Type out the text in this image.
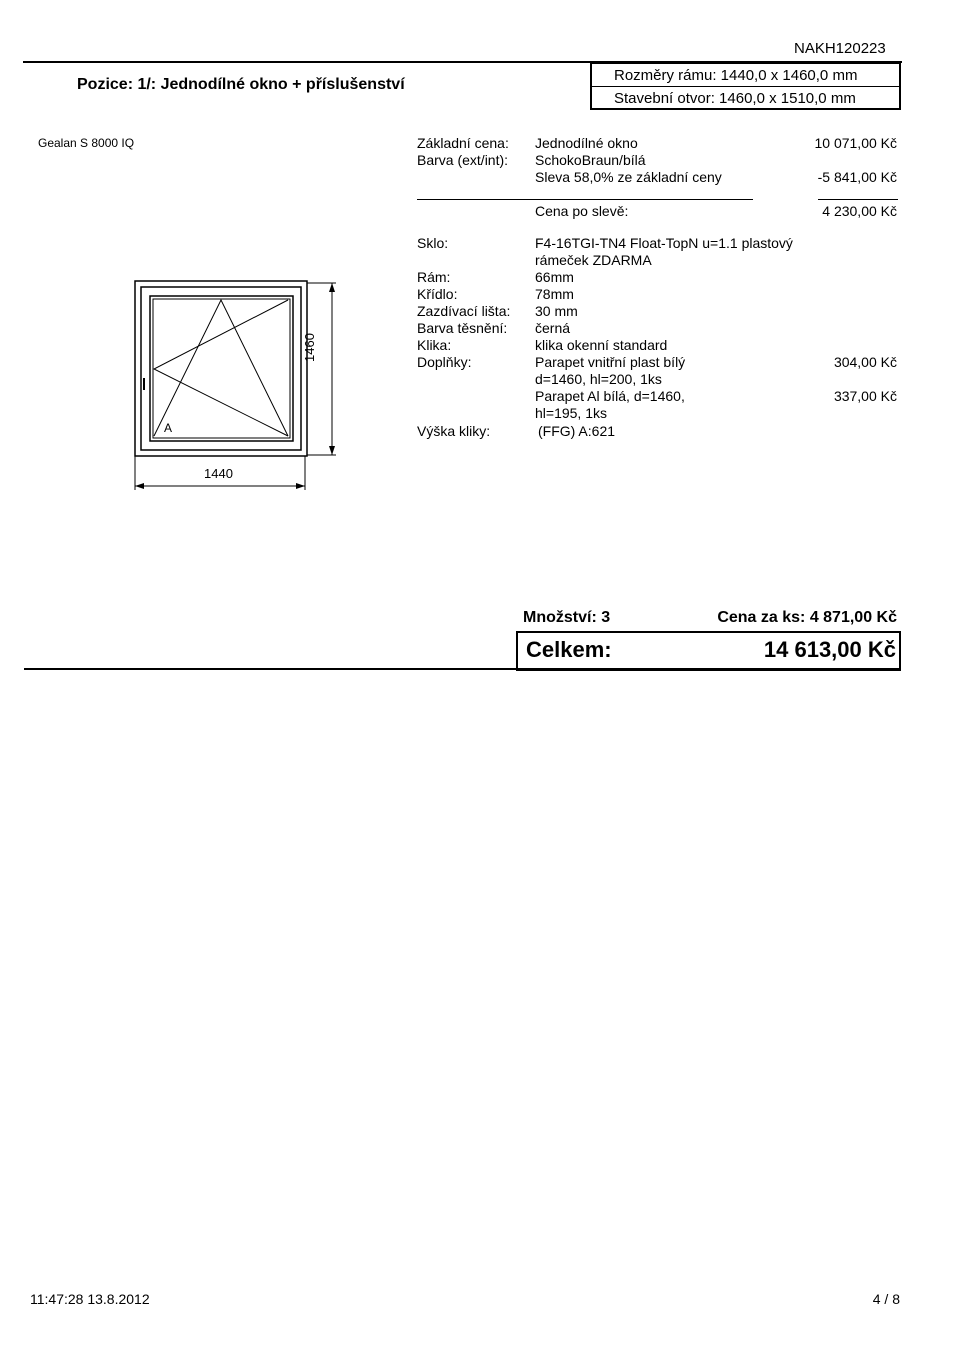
NAKH120223
Pozice: 1/: Jednodílné okno + příslušenství
Rozměry rámu: 1440,0 x 1460,0 mm
Stavební otvor: 1460,0 x 1510,0 mm
Gealan S 8000 IQ	Základní cena: Jednodílné okno	10 071,00 Kč
Barva (ext/int): SchokoBraun/bílá
Sleva 58,0% ze základní ceny	-5 841,00 Kč
Cena po slevě:	4 230,00 Kč
Sklo:	F4-16TGI-TN4 Float-TopN u=1.1 plastový
rámeček ZDARMA
Rám:	66mm
Křídlo:	78mm
Zazdívací lišta: 30 mm
Barva těsnění: černá
Klika:	klika okenní standard
Doplňky:	Parapet vnitřní plast bílý	304,00 Kč
d=1460, hl=200, 1ks
Parapet Al bílá, d=1460,	337,00 Kč
hl=195, 1ks
Výška kliky:	(FFG) A:621
A
1440
1460
Množství: 3	Cena za ks: 4 871,00 Kč
Celkem:	14 613,00 Kč
11:47:28 13.8.2012	4 / 8
